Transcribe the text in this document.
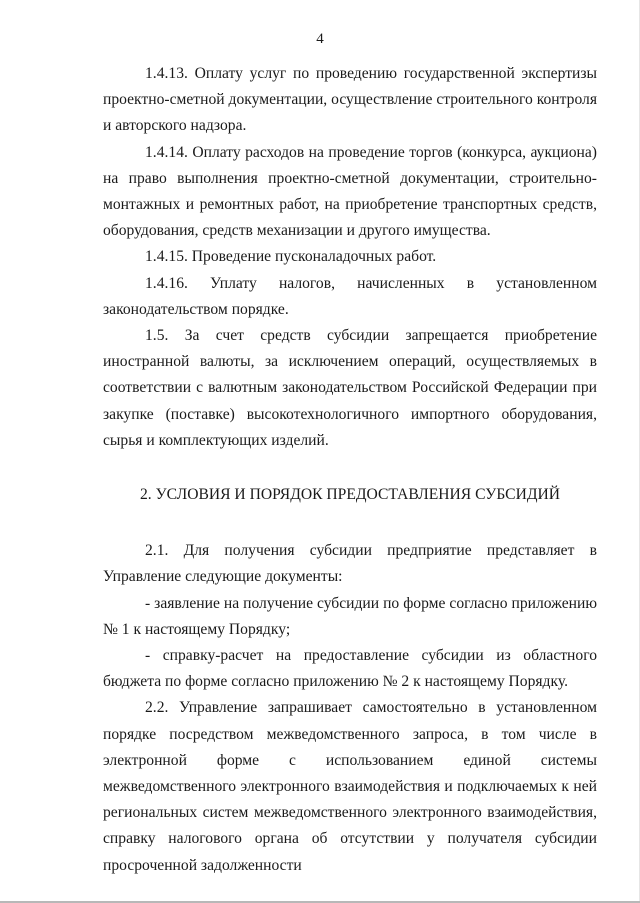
4

1.4.13. Оплату услуг по проведению государственной экспертизы проектно-сметной документации, осуществление строительного контроля и авторского надзора.

1.4.14. Оплату расходов на проведение торгов (конкурса, аукциона) на право выполнения проектно-сметной документации, строительно-монтажных и ремонтных работ, на приобретение транспортных средств, оборудования, средств механизации и другого имущества.

1.4.15. Проведение пусконаладочных работ.

1.4.16. Уплату налогов, начисленных в установленном законодательством порядке.

1.5. За счет средств субсидии запрещается приобретение иностранной валюты, за исключением операций, осуществляемых в соответствии с валютным законодательством Российской Федерации при закупке (поставке) высокотехнологичного импортного оборудования, сырья и комплектующих изделий.

2. УСЛОВИЯ И ПОРЯДОК ПРЕДОСТАВЛЕНИЯ СУБСИДИЙ

2.1. Для получения субсидии предприятие представляет в Управление следующие документы:

- заявление на получение субсидии по форме согласно приложению № 1 к настоящему Порядку;

- справку-расчет на предоставление субсидии из областного бюджета по форме согласно приложению № 2 к настоящему Порядку.

2.2. Управление запрашивает самостоятельно в установленном порядке посредством межведомственного запроса, в том числе в электронной форме с использованием единой системы межведомственного электронного взаимодействия и подключаемых к ней региональных систем межведомственного электронного взаимодействия, справку налогового органа об отсутствии у получателя субсидии просроченной задолженности
